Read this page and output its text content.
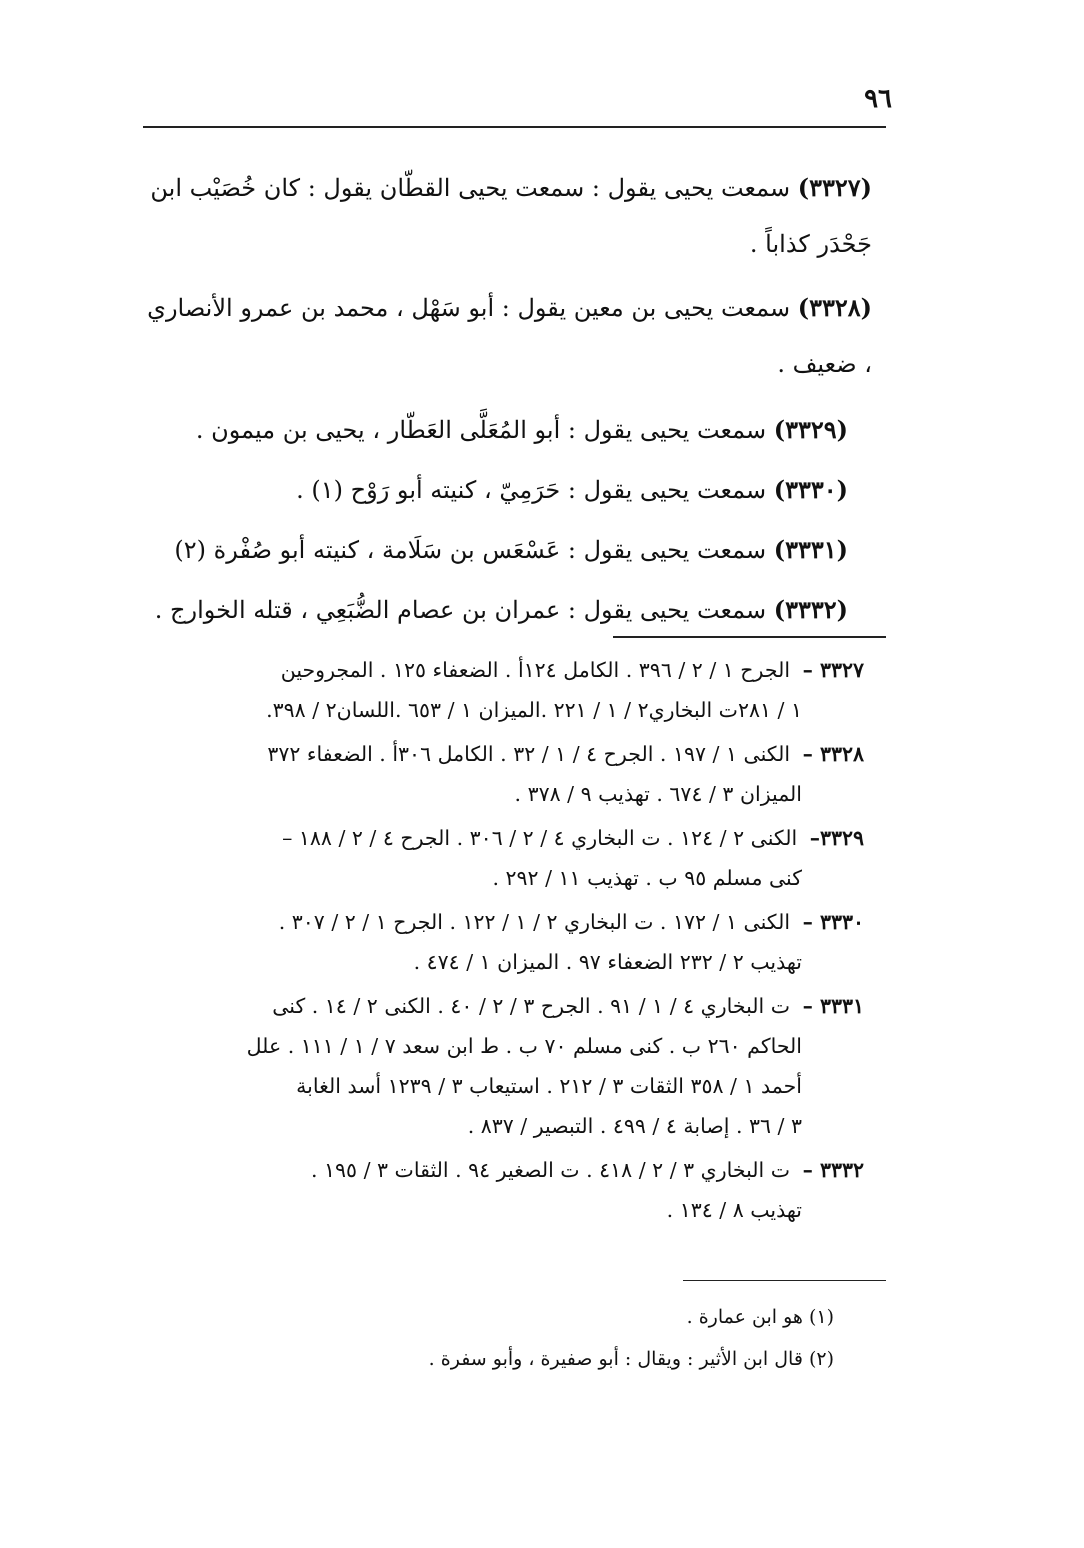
٩٦

(٣٣٢٧) سمعت يحيى يقول : سمعت يحيى القطّان يقول : كان خُصَيْب ابن جَحْدَر كذاباً .

(٣٣٢٨) سمعت يحيى بن معين يقول : أبو سَهْل ، محمد بن عمرو الأنصاري ، ضعيف .

(٣٣٢٩) سمعت يحيى يقول : أبو المُعَلَّى العَطّار ، يحيى بن ميمون .

(٣٣٣٠) سمعت يحيى يقول : حَرَمِيّ ، كنيته أبو رَوْح (١) .

(٣٣٣١) سمعت يحيى يقول : عَسْعَس بن سَلَامة ، كنيته أبو صُفْرة (٢)

(٣٣٣٢) سمعت يحيى يقول : عمران بن عصام الضُّبَعِي ، قتله الخوارج .

٣٣٢٧ – الجرح ١ / ٢ / ٣٩٦ . الكامل ١٢٤أ . الضعفاء ١٢٥ . المجروحين
١ / ٢٨١ت البخاري٢ / ١ / ٢٢١ .الميزان ١ / ٦٥٣ .اللسان٢ / ٣٩٨.

٣٣٢٨ – الكنى ١ / ١٩٧ . الجرح ٤ / ١ / ٣٢ . الكامل ٣٠٦أ . الضعفاء ٣٧٢
الميزان ٣ / ٦٧٤ . تهذيب ٩ / ٣٧٨ .

٣٣٢٩– الكنى ٢ / ١٢٤ . ت البخاري ٤ / ٢ / ٣٠٦ . الجرح ٤ / ٢ / ١٨٨ –
كنى مسلم ٩٥ ب . تهذيب ١١ / ٢٩٢ .

٣٣٣٠ – الكنى ١ / ١٧٢ . ت البخاري ٢ / ١ / ١٢٢ . الجرح ١ / ٢ / ٣٠٧ .
تهذيب ٢ / ٢٣٢ الضعفاء ٩٧ . الميزان ١ / ٤٧٤ .

٣٣٣١ – ت البخاري ٤ / ١ / ٩١ . الجرح ٣ / ٢ / ٤٠ . الكنى ٢ / ١٤ . كنى
الحاكم ٢٦٠ ب . كنى مسلم ٧٠ ب . ط ابن سعد ٧ / ١ / ١١١ . علل
أحمد ١ / ٣٥٨ الثقات ٣ / ٢١٢ . استيعاب ٣ / ١٢٣٩ أسد الغابة
٣ / ٣٦ . إصابة ٤ / ٤٩٩ . التبصير / ٨٣٧ .

٣٣٣٢ – ت البخاري ٣ / ٢ / ٤١٨ . ت الصغير ٩٤ . الثقات ٣ / ١٩٥ .
تهذيب ٨ / ١٣٤ .

(١) هو ابن عمارة .

(٢) قال ابن الأثير : ويقال : أبو صفيرة ، وأبو سفرة .
